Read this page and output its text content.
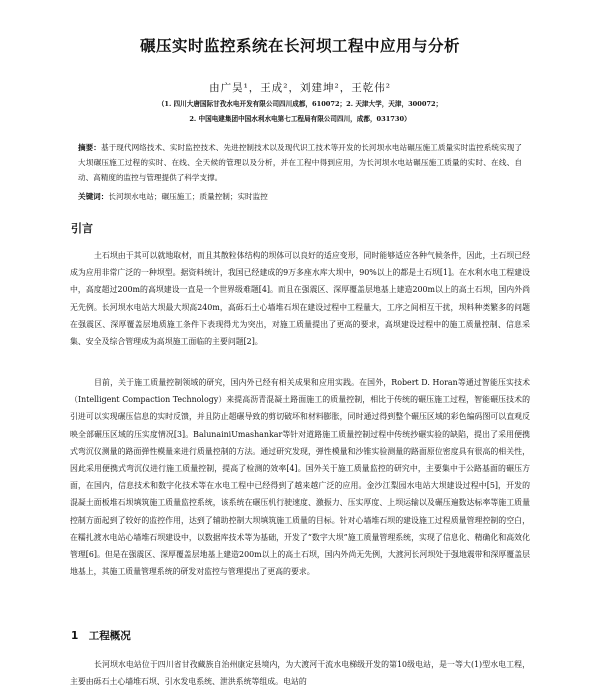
碾压实时监控系统在长河坝工程中应用与分析
由广昊¹，王成²，刘建坤²，王乾伟²
（1. 四川大唐国际甘孜水电开发有限公司四川成都，610072；2. 天津大学，天津，300072；
2. 中国电建集团中国水利水电第七工程局有限公司四川，成都，031730）
摘要：基于现代网络技术、实时监控技术、先进控制技术以及现代识工技术等开发的长河坝水电站碾压施工质量实时监控系统实现了大坝碾压施工过程的实时、在线、全天候的管理以及分析，并在工程中得到应用，为长河坝水电站碾压施工质量的实时、在线、自动、高精度的监控与管理提供了科学支撑。
关键词：长河坝水电站；碾压施工；质量控制；实时监控
引言
土石坝由于其可以就地取材，而且其散粒体结构的坝体可以良好的适应变形，同时能够适应各种气候条件，因此，土石坝已经成为应用非常广泛的一种坝型。据资料统计，我国已经建成的9万多座水库大坝中，90%以上的都是土石坝[1]。在水利水电工程建设中，高度超过200m的高坝建设一直是一个世界级难题[4]。而且在强震区、深厚覆盖层地基上建造200m以上的高土石坝，国内外尚无先例。长河坝水电站大坝最大坝高240m，高砾石土心墙堆石坝在建设过程中工程量大，工序之间相互干扰，坝料种类繁多的问题在强震区、深厚覆盖层地质施工条件下表现得尤为突出，对施工质量提出了更高的要求，高坝建设过程中的施工质量控制、信息采集、安全及综合管理成为高坝施工面临的主要问题[2]。
目前，关于施工质量控制领域的研究，国内外已经有相关成果和应用实践。在国外，Robert D. Horan等通过智能压实技术（Intelligent Compaction Technology）来提高沥青混凝土路面施工的质量控制，相比于传统的碾压施工过程，智能碾压技术的引进可以实现碾压信息的实时反馈，并且防止超碾导致的剪切破坏和材料膨胀，同时通过得到整个碾压区域的彩色编码图可以直观反映全部碾压区域的压实度情况[3]。BalunainiUmashankar等针对道路施工质量控制过程中传统抄碾实验的缺陷，提出了采用便携式弯沉仪测量的路面弹性模量来进行质量控制的方法。通过研究发现，弹性模量和沙锥实验测量的路面原位密度具有很高的相关性，因此采用便携式弯沉仪进行施工质量控制，提高了检测的效率[4]。国外关于施工质量监控的研究中，主要集中于公路基面的碾压方面，在国内，信息技术和数字化技术等在水电工程中已经得到了越来越广泛的应用。金沙江梨园水电站大坝建设过程中[5]，开发的混凝土面板堆石坝填筑施工质量监控系统，该系统在碾压机行驶速度、激振力、压实厚度、上坝运输以及碾压遍数达标率等施工质量控制方面起到了较好的监控作用，达到了辅助控制大坝填筑施工质量的目标。针对心墙堆石坝的建设施工过程质量管理控制的空白，在糯扎渡水电站心墙堆石坝建设中，以数据库技术等为基础，开发了“数字大坝”施工质量管理系统，实现了信息化、精确化和高效化管理[6]。但是在强震区、深厚覆盖层地基上建造200m以上的高土石坝，国内外尚无先例，大渡河长河坝处于强地震带和深厚覆盖层地基上，其施工质量管理系统的研发对监控与管理提出了更高的要求。
1　工程概况
长河坝水电站位于四川省甘孜藏族自治州康定县境内，为大渡河干流水电梯级开发的第10级电站，是一等大(1)型水电工程，主要由砾石土心墙堆石坝、引水发电系统、泄洪系统等组成。电站的
